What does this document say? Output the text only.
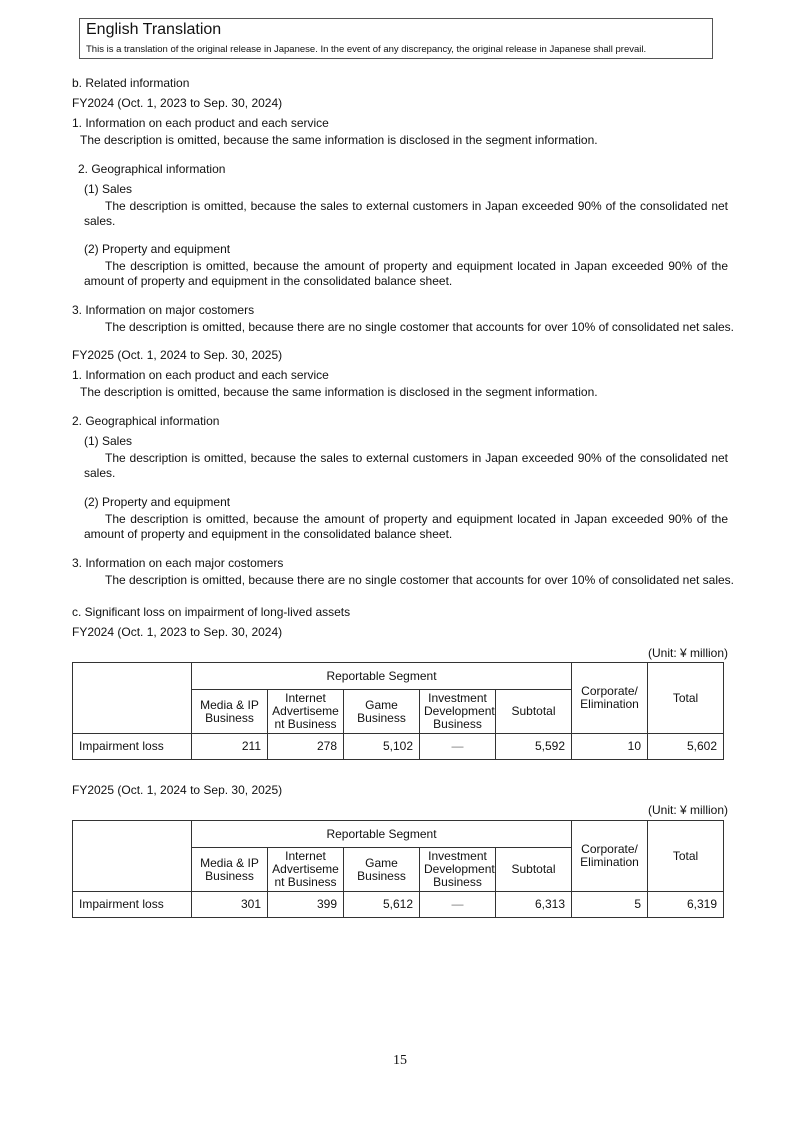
English Translation
This is a translation of the original release in Japanese. In the event of any discrepancy, the original release in Japanese shall prevail.
b. Related information
FY2024 (Oct. 1, 2023 to Sep. 30, 2024)
1. Information on each product and each service
The description is omitted, because the same information is disclosed in the segment information.
2. Geographical information
(1) Sales
The description is omitted, because the sales to external customers in Japan exceeded 90% of the consolidated net sales.
(2) Property and equipment
The description is omitted, because the amount of property and equipment located in Japan exceeded 90% of the amount of property and equipment in the consolidated balance sheet.
3. Information on major costomers
The description is omitted, because there are no single costomer that accounts for over 10% of consolidated net sales.
FY2025 (Oct. 1, 2024 to Sep. 30, 2025)
1. Information on each product and each service
The description is omitted, because the same information is disclosed in the segment information.
2. Geographical information
(1) Sales
The description is omitted, because the sales to external customers in Japan exceeded 90% of the consolidated net sales.
(2) Property and equipment
The description is omitted, because the amount of property and equipment located in Japan exceeded 90% of the amount of property and equipment in the consolidated balance sheet.
3. Information on each major costomers
The description is omitted, because there are no single costomer that accounts for over 10% of consolidated net sales.
c. Significant loss on impairment of long-lived assets
FY2024 (Oct. 1, 2023 to Sep. 30, 2024)
(Unit: ¥ million)
	Reportable Segment					Corporate/ Elimination	Total
	Media & IP Business	Internet Advertiseme nt Business	Game Business	Investment Development Business	Subtotal		
Impairment loss	211	278	5,102	—	5,592	10	5,602
FY2025 (Oct. 1, 2024 to Sep. 30, 2025)
(Unit: ¥ million)
	Reportable Segment					Corporate/ Elimination	Total
	Media & IP Business	Internet Advertiseme nt Business	Game Business	Investment Development Business	Subtotal		
Impairment loss	301	399	5,612	—	6,313	5	6,319
15
